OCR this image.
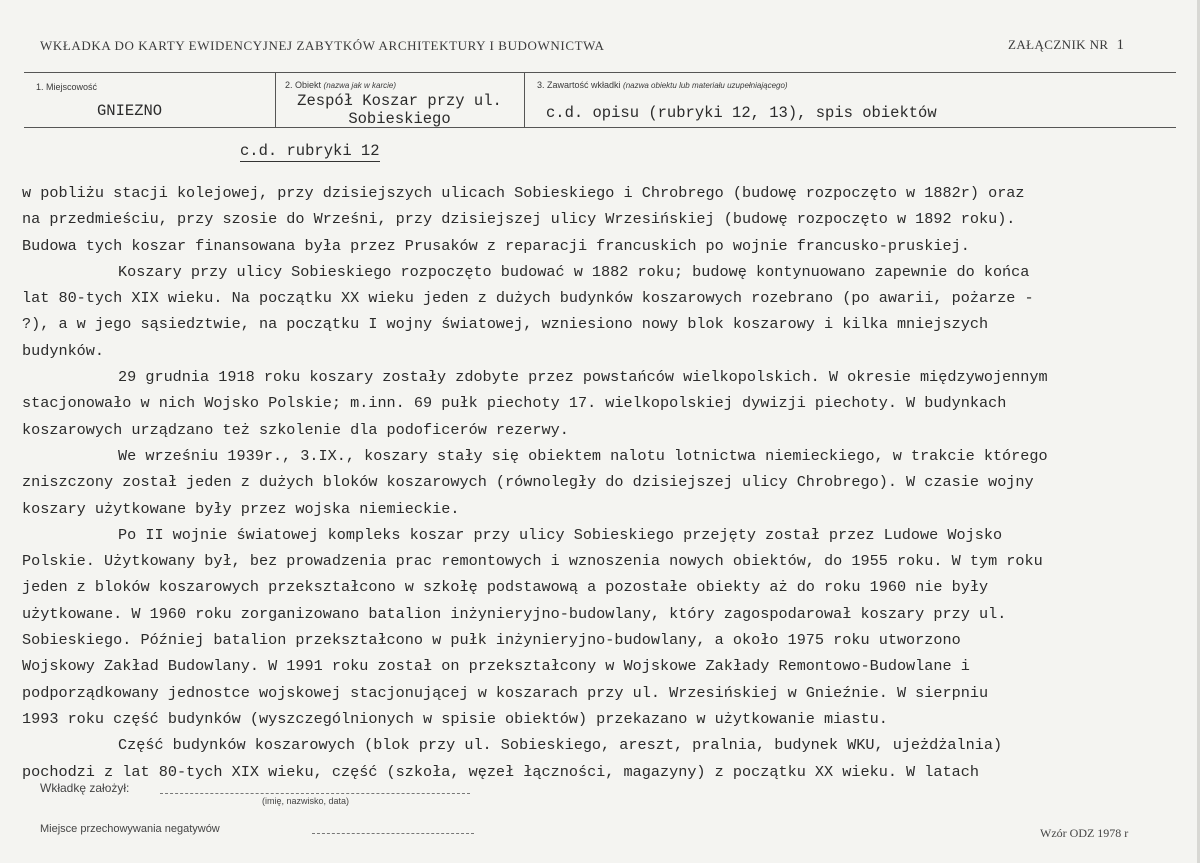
WKŁADKA DO KARTY EWIDENCYJNEJ ZABYTKÓW ARCHITEKTURY I BUDOWNICTWA	ZAŁĄCZNIK NR 1
1. Miejscowość
GNIEZNO
2. Obiekt (nazwa jak w karcie)
Zespół Koszar przy ul.
Sobieskiego
3. Zawartość wkładki (nazwa obiektu lub materiału uzupełniającego)
c.d. opisu (rubryki 12, 13), spis obiektów
c.d. rubryki 12
w pobliżu stacji kolejowej, przy dzisiejszych ulicach Sobieskiego i Chrobrego (budowę rozpoczęto w 1882r) oraz
na przedmieściu, przy szosie do Wrześni, przy dzisiejszej ulicy Wrzesińskiej (budowę rozpoczęto w 1892 roku).
Budowa tych koszar finansowana była przez Prusaków z reparacji francuskich po wojnie francusko-pruskiej.
Koszary przy ulicy Sobieskiego rozpoczęto budować w 1882 roku; budowę kontynuowano zapewnie do końca
lat 80-tych XIX wieku. Na początku XX wieku jeden z dużych budynków koszarowych rozebrano (po awarii, pożarze -
?), a w jego sąsiedztwie, na początku I wojny światowej, wzniesiono nowy blok koszarowy i kilka mniejszych
budynków.
29 grudnia 1918 roku koszary zostały zdobyte przez powstańców wielkopolskich. W okresie międzywojennym
stacjonowało w nich Wojsko Polskie; m.inn. 69 pułk piechoty 17. wielkopolskiej dywizji piechoty. W budynkach
koszarowych urządzano też szkolenie dla podoficerów rezerwy.
We wrześniu 1939r., 3.IX., koszary stały się obiektem nalotu lotnictwa niemieckiego, w trakcie którego
zniszczony został jeden z dużych bloków koszarowych (równoległy do dzisiejszej ulicy Chrobrego). W czasie wojny
koszary użytkowane były przez wojska niemieckie.
Po II wojnie światowej kompleks koszar przy ulicy Sobieskiego przejęty został przez Ludowe Wojsko
Polskie. Użytkowany był, bez prowadzenia prac remontowych i wznoszenia nowych obiektów, do 1955 roku. W tym roku
jeden z bloków koszarowych przekształcono w szkołę podstawową a pozostałe obiekty aż do roku 1960 nie były
użytkowane. W 1960 roku zorganizowano batalion inżynieryjno-budowlany, który zagospodarował koszary przy ul.
Sobieskiego. Później batalion przekształcono w pułk inżynieryjno-budowlany, a około 1975 roku utworzono
Wojskowy Zakład Budowlany. W 1991 roku został on przekształcony w Wojskowe Zakłady Remontowo-Budowlane i
podporządkowany jednostce wojskowej stacjonującej w koszarach przy ul. Wrzesińskiej w Gnieźnie. W sierpniu
1993 roku część budynków (wyszczególnionych w spisie obiektów) przekazano w użytkowanie miastu.
Część budynków koszarowych (blok przy ul. Sobieskiego, areszt, pralnia, budynek WKU, ujeżdżalnia)
pochodzi z lat 80-tych XIX wieku, część (szkoła, węzeł łączności, magazyny) z początku XX wieku. W latach
Wkładkę założył:
(imię, nazwisko, data)
Miejsce przechowywania negatywów	Wzór ODZ 1978 r
